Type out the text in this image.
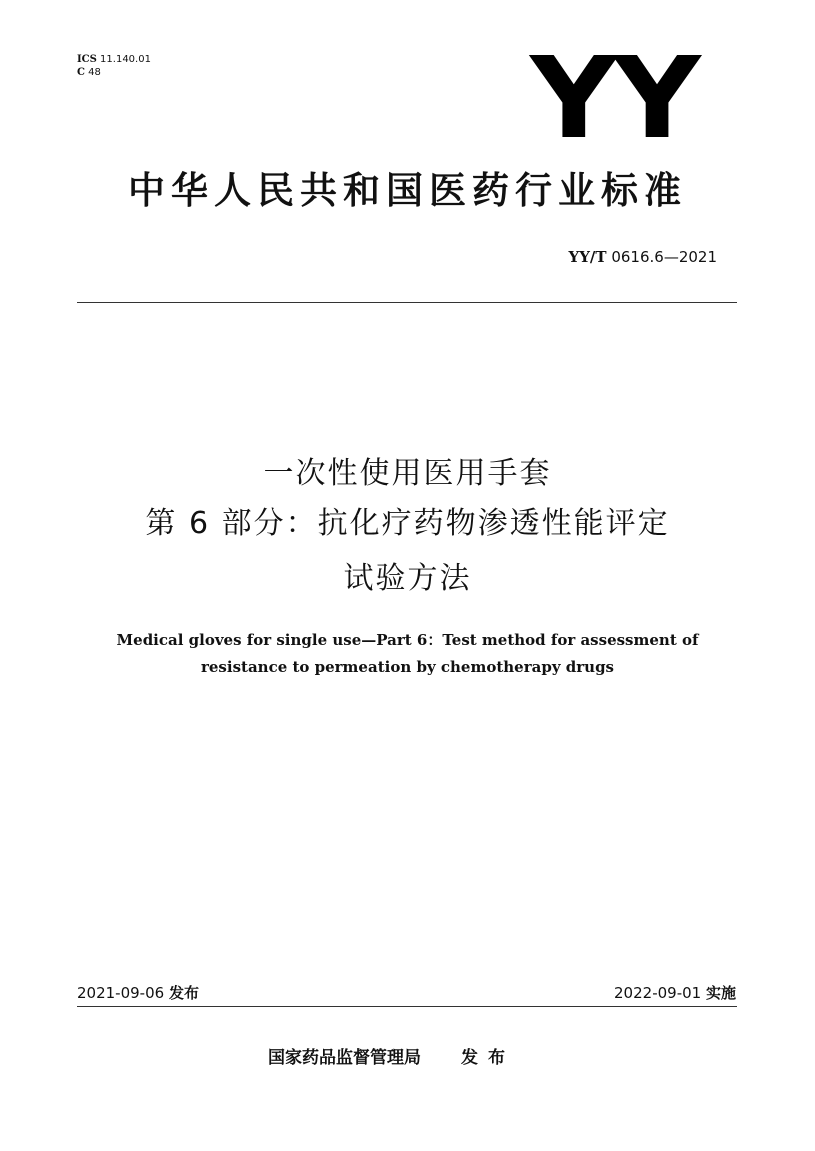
ICS 11.140.01
C 48	YY
中华人民共和国医药行业标准
YY/T 0616.6—2021
一次性使用医用手套
第 6 部分：抗化疗药物渗透性能评定
试验方法
Medical gloves for single use—Part 6：Test method for assessment of
resistance to permeation by chemotherapy drugs
2021-09-06 发布	2022-09-01 实施
国家药品监督管理局 发布
